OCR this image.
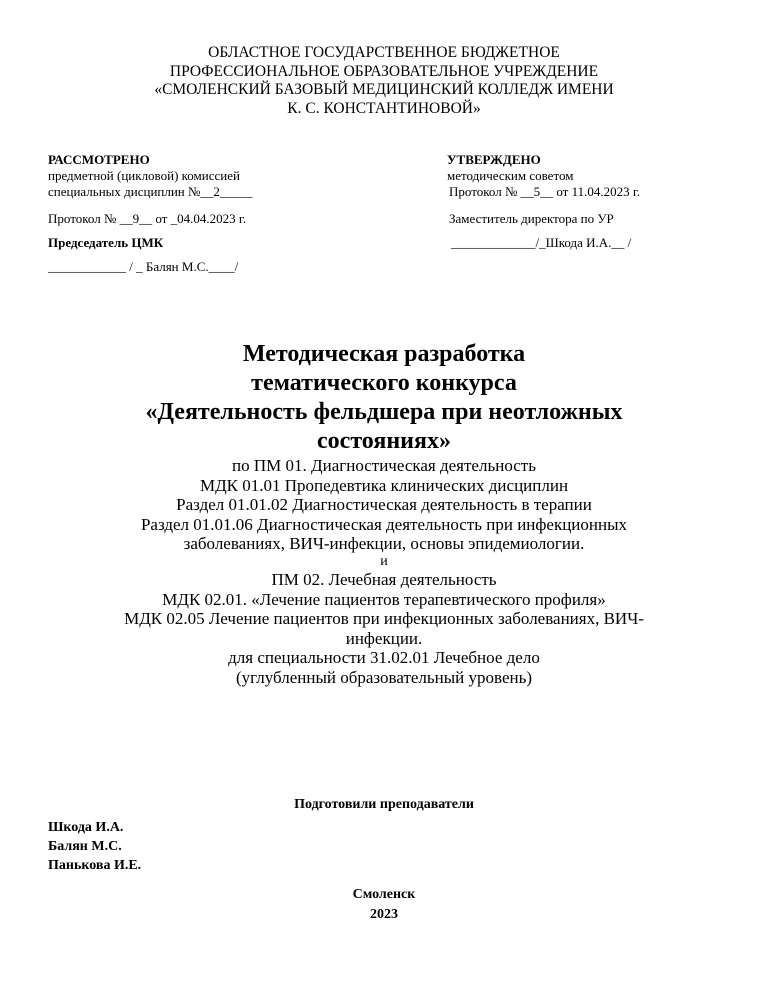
ОБЛАСТНОЕ ГОСУДАРСТВЕННОЕ БЮДЖЕТНОЕ
ПРОФЕССИОНАЛЬНОЕ ОБРАЗОВАТЕЛЬНОЕ УЧРЕЖДЕНИЕ
«СМОЛЕНСКИЙ БАЗОВЫЙ МЕДИЦИНСКИЙ КОЛЛЕДЖ ИМЕНИ
К. С. КОНСТАНТИНОВОЙ»
РАССМОТРЕНО
предметной (цикловой) комиссией
специальных дисциплин №__2_____
Протокол № __9__ от _04.04.2023 г.
Председатель ЦМК
____________ / _ Балян М.С.____/
УТВЕРЖДЕНО
методическим советом
Протокол № __5__ от 11.04.2023 г.
Заместитель директора по УР
_____________/_Шкода И.А.__ /
Методическая разработка
тематического конкурса
«Деятельность фельдшера при неотложных
состояниях»
по ПМ 01. Диагностическая деятельность
МДК 01.01 Пропедевтика клинических дисциплин
Раздел 01.01.02 Диагностическая деятельность в терапии
Раздел 01.01.06 Диагностическая деятельность при инфекционных
заболеваниях, ВИЧ-инфекции, основы эпидемиологии.
и
ПМ 02. Лечебная деятельность
МДК 02.01. «Лечение пациентов терапевтического профиля»
МДК 02.05 Лечение пациентов при инфекционных заболеваниях, ВИЧ-
инфекции.
для специальности 31.02.01 Лечебное дело
(углубленный образовательный уровень)
Подготовили преподаватели
Шкода И.А.
Балян М.С.
Панькова И.Е.
Смоленск
2023
